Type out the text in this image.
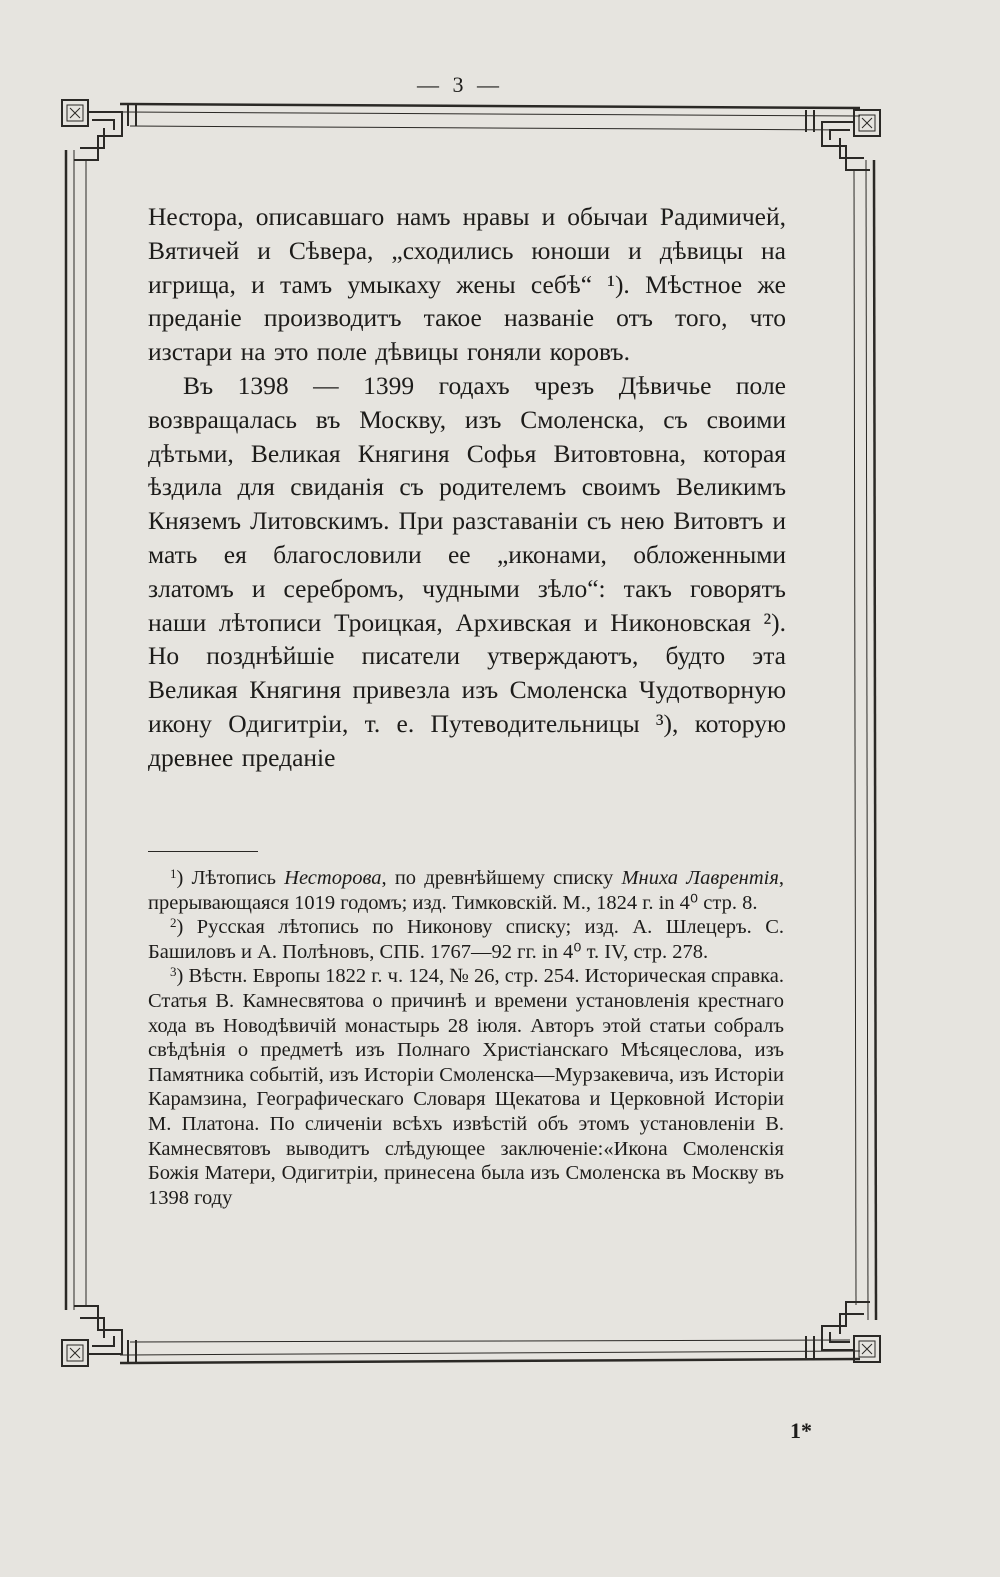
— 3 —

Нестора, описавшаго намъ нравы и обычаи Радимичей, Вятичей и Сѣвера, „сходились юноши и дѣвицы на игрища, и тамъ умыкаху жены себѣ“ ¹). Мѣстное же преданіе производитъ такое названіе отъ того, что изстари на это поле дѣвицы гоняли коровъ.

Въ 1398 — 1399 годахъ чрезъ Дѣвичье поле возвращалась въ Москву, изъ Смоленска, съ своими дѣтьми, Великая Княгиня Софья Витовтовна, которая ѣздила для свиданія съ родителемъ своимъ Великимъ Княземъ Литовскимъ. При разставаніи съ нею Витовтъ и мать ея благословили ее „иконами, обложенными златомъ и серебромъ, чудными зѣло“: такъ говорятъ наши лѣтописи Троицкая, Архивская и Никоновская ²). Но позднѣйшіе писатели утверждаютъ, будто эта Великая Княгиня привезла изъ Смоленска Чудотворную икону Одигитріи, т. е. Путеводительницы ³), которую древнее преданіе

$^1$) Лѣтопись Несторова, по древнѣйшему списку Мниха Лаврентія, прерывающаяся 1019 годомъ; изд. Тимковскій. М., 1824 г. in 4⁰ стр. 8.

$^2$) Русская лѣтопись по Никонову списку; изд. А. Шлецеръ. С. Башиловъ и А. Полѣновъ, СПБ. 1767—92 гг. in 4⁰ т. IV, стр. 278.

$^3$) Вѣстн. Европы 1822 г. ч. 124, № 26, стр. 254. Историческая справка. Статья В. Камнесвятова о причинѣ и времени установленія крестнаго хода въ Новодѣвичій монастырь 28 іюля. Авторъ этой статьи собралъ свѣдѣнія о предметѣ изъ Полнаго Христіанскаго Мѣсяцеслова, изъ Памятника событій, изъ Исторіи Смоленска—Мурзакевича, изъ Исторіи Карамзина, Географическаго Словаря Щекатова и Церковной Исторіи М. Платона. По сличеніи всѣхъ извѣстій объ этомъ установленіи В. Камнесвятовъ выводитъ слѣдующее заключеніе:«Икона Смоленскія Божія Матери, Одигитріи, принесена была изъ Смоленска въ Москву въ 1398 году

1*
